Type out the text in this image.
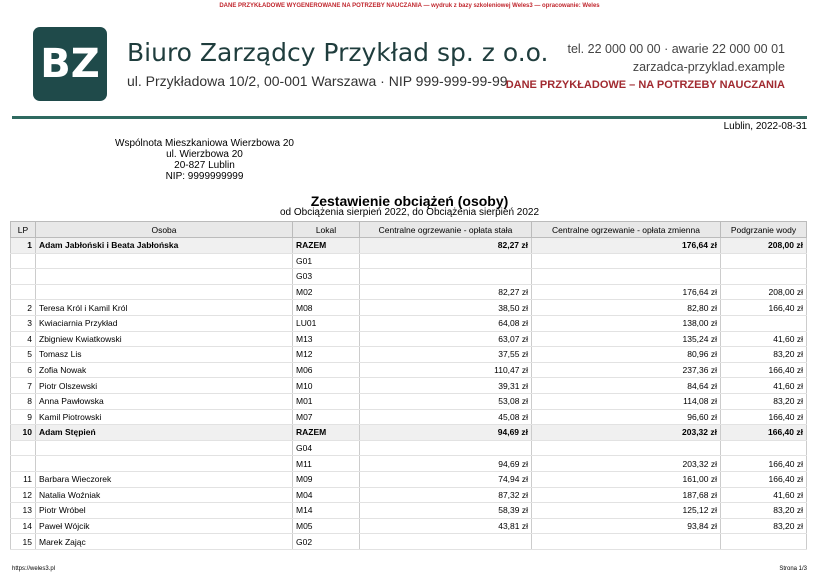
DANE PRZYKŁADOWE WYGENEROWANE NA POTRZEBY NAUCZANIA — wydruk z bazy szkoleniowej Weles3 — opracowanie: Weles
BZ Biuro Zarządcy Przykład sp. z o.o.
ul. Przykładowa 10/2, 00-001 Warszawa · NIP 999-999-99-99
tel. 22 000 00 00 · awarie 22 000 00 01
zarzadca-przyklad.example
DANE PRZYKŁADOWE – NA POTRZEBY NAUCZANIA
Lublin, 2022-08-31
Wspólnota Mieszkaniowa Wierzbowa 20
ul. Wierzbowa 20
20-827 Lublin
NIP: 9999999999
Zestawienie obciążeń (osoby)
od Obciążenia sierpień 2022, do Obciążenia sierpień 2022
LP	Osoba	Lokal	Centralne ogrzewanie - opłata stała	Centralne ogrzewanie - opłata zmienna	Podgrzanie wody
1	Adam Jabłoński i Beata Jabłońska	RAZEM	82,27 zł	176,64 zł	208,00 zł
		G01			
		G03			
		M02	82,27 zł	176,64 zł	208,00 zł
2	Teresa Król i Kamil Król	M08	38,50 zł	82,80 zł	166,40 zł
3	Kwiaciarnia Przykład	LU01	64,08 zł	138,00 zł	
4	Zbigniew Kwiatkowski	M13	63,07 zł	135,24 zł	41,60 zł
5	Tomasz Lis	M12	37,55 zł	80,96 zł	83,20 zł
6	Zofia Nowak	M06	110,47 zł	237,36 zł	166,40 zł
7	Piotr Olszewski	M10	39,31 zł	84,64 zł	41,60 zł
8	Anna Pawłowska	M01	53,08 zł	114,08 zł	83,20 zł
9	Kamil Piotrowski	M07	45,08 zł	96,60 zł	166,40 zł
10	Adam Stępień	RAZEM	94,69 zł	203,32 zł	166,40 zł
		G04			
		M11	94,69 zł	203,32 zł	166,40 zł
11	Barbara Wieczorek	M09	74,94 zł	161,00 zł	166,40 zł
12	Natalia Woźniak	M04	87,32 zł	187,68 zł	41,60 zł
13	Piotr Wróbel	M14	58,39 zł	125,12 zł	83,20 zł
14	Paweł Wójcik	M05	43,81 zł	93,84 zł	83,20 zł
15	Marek Zając	G02			
https://weles3.pl	Strona 1/3
